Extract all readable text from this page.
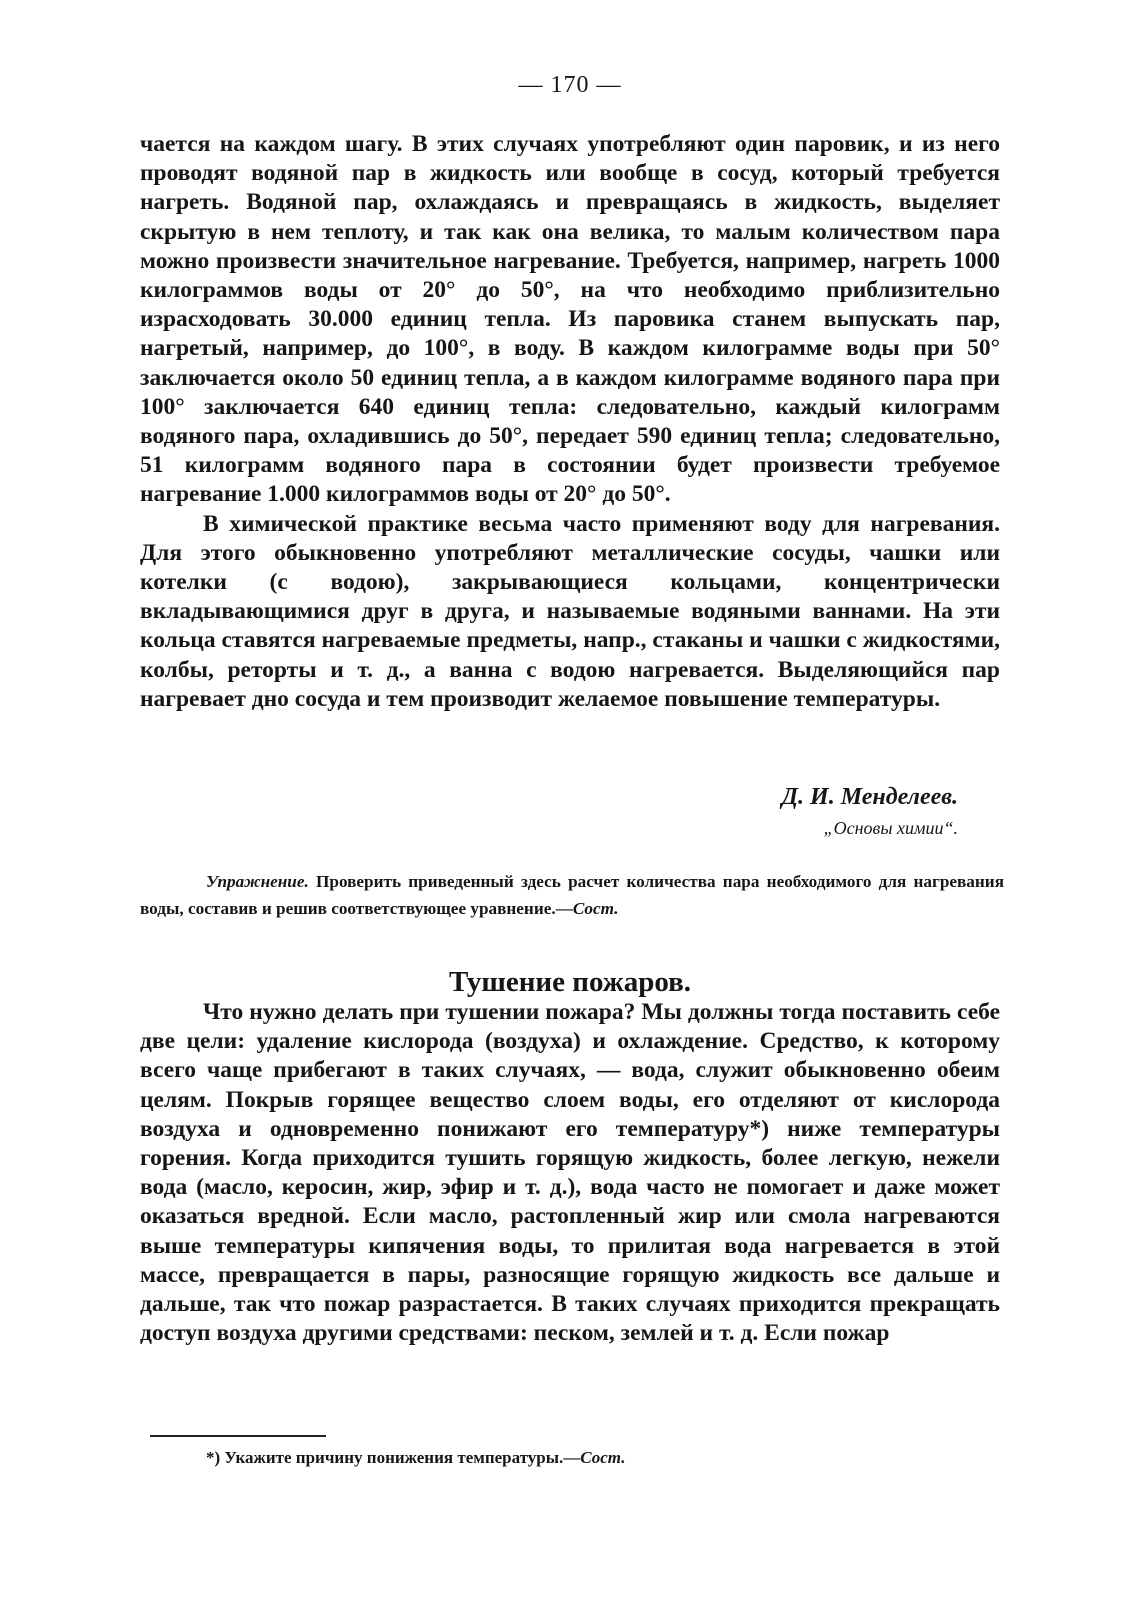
— 170 —

чается на каждом шагу. В этих случаях употребляют один паровик, и из него проводят водяной пар в жидкость или вообще в сосуд, который требуется нагреть. Водяной пар, охлаждаясь и превращаясь в жидкость, выделяет скрытую в нем теплоту, и так как она велика, то малым количеством пара можно произвести значительное нагревание. Требуется, например, нагреть 1000 килограммов воды от 20° до 50°, на что необходимо приблизительно израсходовать 30.000 единиц тепла. Из паровика станем выпускать пар, нагретый, например, до 100°, в воду. В каждом килограмме воды при 50° заключается около 50 единиц тепла, а в каждом килограмме водяного пара при 100° заключается 640 единиц тепла: следовательно, каждый килограмм водяного пара, охладившись до 50°, передает 590 единиц тепла; следовательно, 51 килограмм водяного пара в состоянии будет произвести требуемое нагревание 1.000 килограммов воды от 20° до 50°.

В химической практике весьма часто применяют воду для нагревания. Для этого обыкновенно употребляют металлические сосуды, чашки или котелки (с водою), закрывающиеся кольцами, концентрически вкладывающимися друг в друга, и называемые водяными ваннами. На эти кольца ставятся нагреваемые предметы, напр., стаканы и чашки с жидкостями, колбы, реторты и т. д., а ванна с водою нагревается. Выделяющийся пар нагревает дно сосуда и тем производит желаемое повышение температуры.

Д. И. Менделеев.
„Основы химии“.
Упражнение. Проверить приведенный здесь расчет количества пара необходимого для нагревания воды, составив и решив соответствующее уравнение.—Сост.
Тушение пожаров.

Что нужно делать при тушении пожара? Мы должны тогда поставить себе две цели: удаление кислорода (воздуха) и охлаждение. Средство, к которому всего чаще прибегают в таких случаях, — вода, служит обыкновенно обеим целям. Покрыв горящее вещество слоем воды, его отделяют от кислорода воздуха и одновременно понижают его температуру*) ниже температуры горения. Когда приходится тушить горящую жидкость, более легкую, нежели вода (масло, керосин, жир, эфир и т. д.), вода часто не помогает и даже может оказаться вредной. Если масло, растопленный жир или смола нагреваются выше температуры кипячения воды, то прилитая вода нагревается в этой массе, превращается в пары, разносящие горящую жидкость все дальше и дальше, так что пожар разрастается. В таких случаях приходится прекращать доступ воздуха другими средствами: песком, землей и т. д. Если пожар

*) Укажите причину понижения температуры.—Сост.
